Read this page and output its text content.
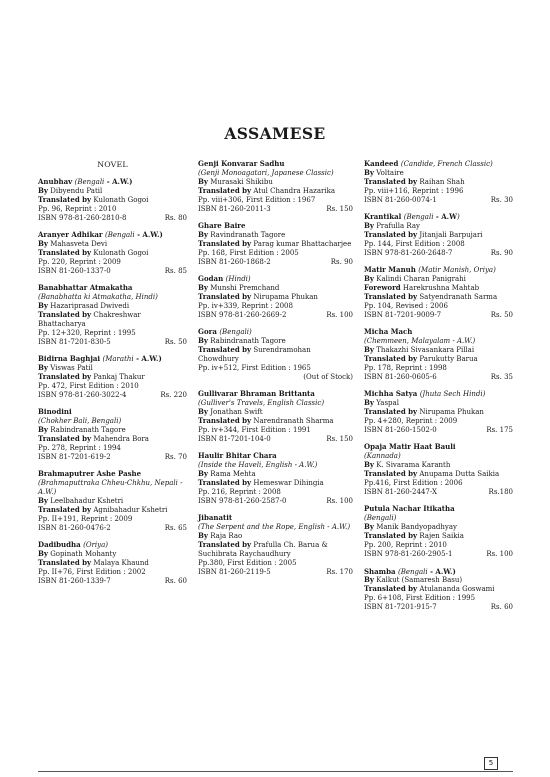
ASSAMESE
NOVEL
Anubhav (Bengali - A.W.)
By Dibyendu Patil
Translated by Kulonath Gogoi
Pp. 96, Reprint : 2010
ISBN 978-81-260-2810-8	Rs. 80
Aranyer Adhikar (Bengali - A.W.)
By Mahasveta Devi
Translated by Kulonath Gogoi
Pp. 220, Reprint : 2009
ISBN 81-260-1337-0	Rs. 85
Banabhattar Atmakatha
(Banabhatta ki Atmakatha, Hindi)
By Hazariprasad Dwivedi
Translated by Chakreshwar Bhattacharya
Pp. 12+320, Reprint : 1995
ISBN 81-7201-830-5	Rs. 50
Bidirna Baghjai (Marathi - A.W.)
By Viswas Patil
Translated by Pankaj Thakur
Pp. 472, First Edition : 2010
ISBN 978-81-260-3022-4	Rs. 220
Binodini
(Chokher Bali, Bengali)
By Rabindranath Tagore
Translated by Mahendra Bora
Pp. 278, Reprint : 1994
ISBN 81-7201-619-2	Rs. 70
Brahmaputrer Ashe Pashe
(Brahmaputtraka Chheu-Chkhu, Nepali - A.W.)
By Leelbahadur Kshetri
Translated by Agnibahadur Kshetri
Pp. II+191, Reprint : 2009
ISBN 81-260-0476-2	Rs. 65
Dadibudha (Oriya)
By Gopinath Mohanty
Translated by Malaya Khaund
Pp. II+76, First Edition : 2002
ISBN 81-260-1339-7	Rs. 60
Genji Konvarar Sadhu
(Genji Monoagatari, Japanese Classic)
By Murasaki Shikibu
Translated by Atul Chandra Hazarika
Pp. viii+306, First Edition : 1967
ISBN 81-260-2011-3	Rs. 150
Ghare Baire
By Ravindranath Tagore
Translated by Parag kumar Bhattacharjee
Pp. 168, First Edition : 2005
ISBN 81-260-1868-2	Rs. 90
Godan (Hindi)
By Munshi Premchand
Translated by Nirupama Phukan
Pp. iv+339, Reprint : 2008
ISBN 978-81-260-2669-2	Rs. 100
Gora (Bengali)
By Rabindranath Tagore
Translated by Surendramohan Chowdhury
Pp. iv+512, First Edition : 1965
(Out of Stock)
Gullivarar Bhraman Brittanta
(Gulliver's Travels, English Classic)
By Jonathan Swift
Translated by Narendranath Sharma
Pp. iv+344, First Edition : 1991
ISBN 81-7201-104-0	Rs. 150
Haulir Bhitar Chara
(Inside the Haveli, English - A.W.)
By Rama Mehta
Translated by Hemeswar Dihingia
Pp. 216, Reprint : 2008
ISBN 978-81-260-2587-0	Rs. 100
Jibanatit
(The Serpent and the Rope, English - A.W.)
By Raja Rao
Translated by Prafulla Ch. Barua & Suchibrata Raychaudhury
Pp.380, First Edition : 2005
ISBN 81-260-2119-5	Rs. 170
Kandeed (Candide, French Classic)
By Voltaire
Translated by Raihan Shah
Pp. viii+116, Reprint : 1996
ISBN 81-260-0074-1	Rs. 30
Krantikal (Bengali - A.W)
By Prafulla Ray
Translated by Jitanjali Barpujari
Pp. 144, First Edition : 2008
ISBN 978-81-260-2648-7	Rs. 90
Matir Manuh (Matir Manish, Oriya)
By Kalindi Charan Panigrahi
Foreword Harekrushna Mahtab
Translated by Satyendranath Sarma
Pp. 104, Revised : 2006
ISBN 81-7201-9009-7	Rs. 50
Micha Mach
(Chemmeen, Malayalam - A.W.)
By Thakazhi Sivasankara Pillai
Translated by Parukutty Barua
Pp. 178, Reprint : 1998
ISBN 81-260-0605-6	Rs. 35
Michha Satya (Jhuta Sech Hindi)
By Yaspal
Translated by Nirupama Phukan
Pp. 4+280, Reprint : 2009
ISBN 81-260-1502-0	Rs. 175
Opaja Matir Haat Bauli
(Kannada)
By K. Sivarama Karanth
Translated by Anupama Dutta Saikia
Pp.416, First Edition : 2006
ISBN 81-260-2447-X	Rs.180
Putula Nachar Itikatha
(Bengali)
By Manik Bandyopadhyay
Translated by Rajen Saikia
Pp. 200, Reprint : 2010
ISBN 978-81-260-2905-1	Rs. 100
Shamba (Bengali - A.W.)
By Kalkut (Samaresh Basu)
Translated by Atulananda Goswami
Pp. 6+108, First Edition : 1995
ISBN 81-7201-915-7	Rs. 60
5
